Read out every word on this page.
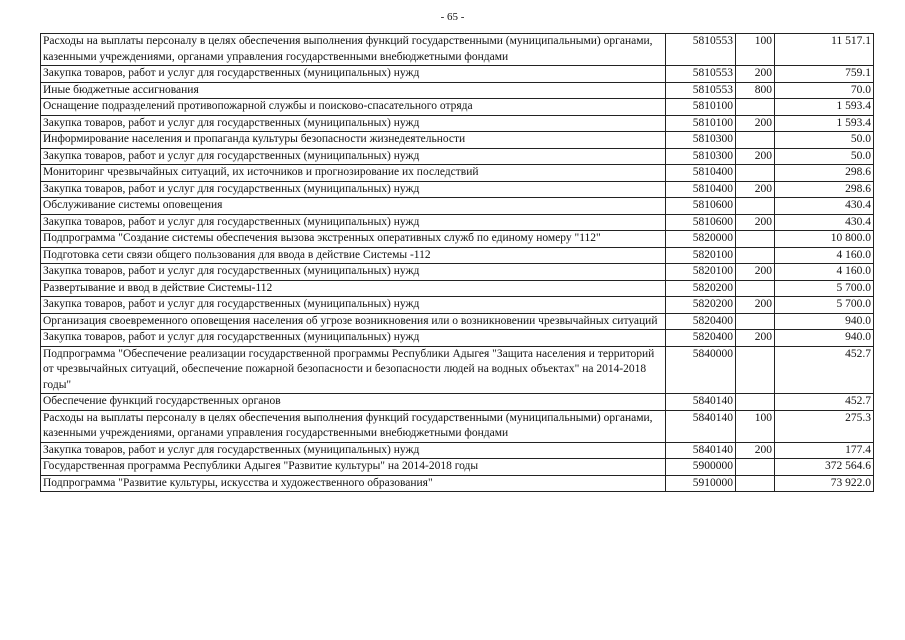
- 65 -
Расходы на выплаты персоналу в целях обеспечения выполнения функций государственными (муниципальными) органами, казенными учреждениями, органами управления государственными внебюджетными фондами	5810553	100	11 517.1
Закупка товаров, работ и услуг для государственных (муниципальных) нужд	5810553	200	759.1
Иные бюджетные ассигнования	5810553	800	70.0
Оснащение подразделений противопожарной службы и поисково-спасательного отряда	5810100		1 593.4
Закупка товаров, работ и услуг для государственных (муниципальных) нужд	5810100	200	1 593.4
Информирование населения и пропаганда культуры безопасности жизнедеятельности	5810300		50.0
Закупка товаров, работ и услуг для государственных (муниципальных) нужд	5810300	200	50.0
Мониторинг чрезвычайных ситуаций, их источников и прогнозирование их последствий	5810400		298.6
Закупка товаров, работ и услуг для государственных (муниципальных) нужд	5810400	200	298.6
Обслуживание системы оповещения	5810600		430.4
Закупка товаров, работ и услуг для государственных (муниципальных) нужд	5810600	200	430.4
Подпрограмма "Создание системы обеспечения вызова экстренных оперативных служб по единому номеру "112"	5820000		10 800.0
Подготовка сети связи общего пользования для ввода в действие Системы -112	5820100		4 160.0
Закупка товаров, работ и услуг для государственных (муниципальных) нужд	5820100	200	4 160.0
Развертывание и ввод в действие Системы-112	5820200		5 700.0
Закупка товаров, работ и услуг для государственных (муниципальных) нужд	5820200	200	5 700.0
Организация своевременного оповещения населения об угрозе возникновения или о возникновении чрезвычайных ситуаций	5820400		940.0
Закупка товаров, работ и услуг для государственных (муниципальных) нужд	5820400	200	940.0
Подпрограмма "Обеспечение реализации государственной программы Республики Адыгея "Защита населения и территорий от чрезвычайных ситуаций, обеспечение пожарной безопасности и безопасности людей на водных объектах" на 2014-2018 годы"	5840000		452.7
Обеспечение функций государственных органов	5840140		452.7
Расходы на выплаты персоналу в целях обеспечения выполнения функций государственными (муниципальными) органами, казенными учреждениями, органами управления государственными внебюджетными фондами	5840140	100	275.3
Закупка товаров, работ и услуг для государственных (муниципальных) нужд	5840140	200	177.4
Государственная программа Республики Адыгея "Развитие культуры" на 2014-2018 годы	5900000		372 564.6
Подпрограмма "Развитие культуры, искусства и художественного образования"	5910000		73 922.0
